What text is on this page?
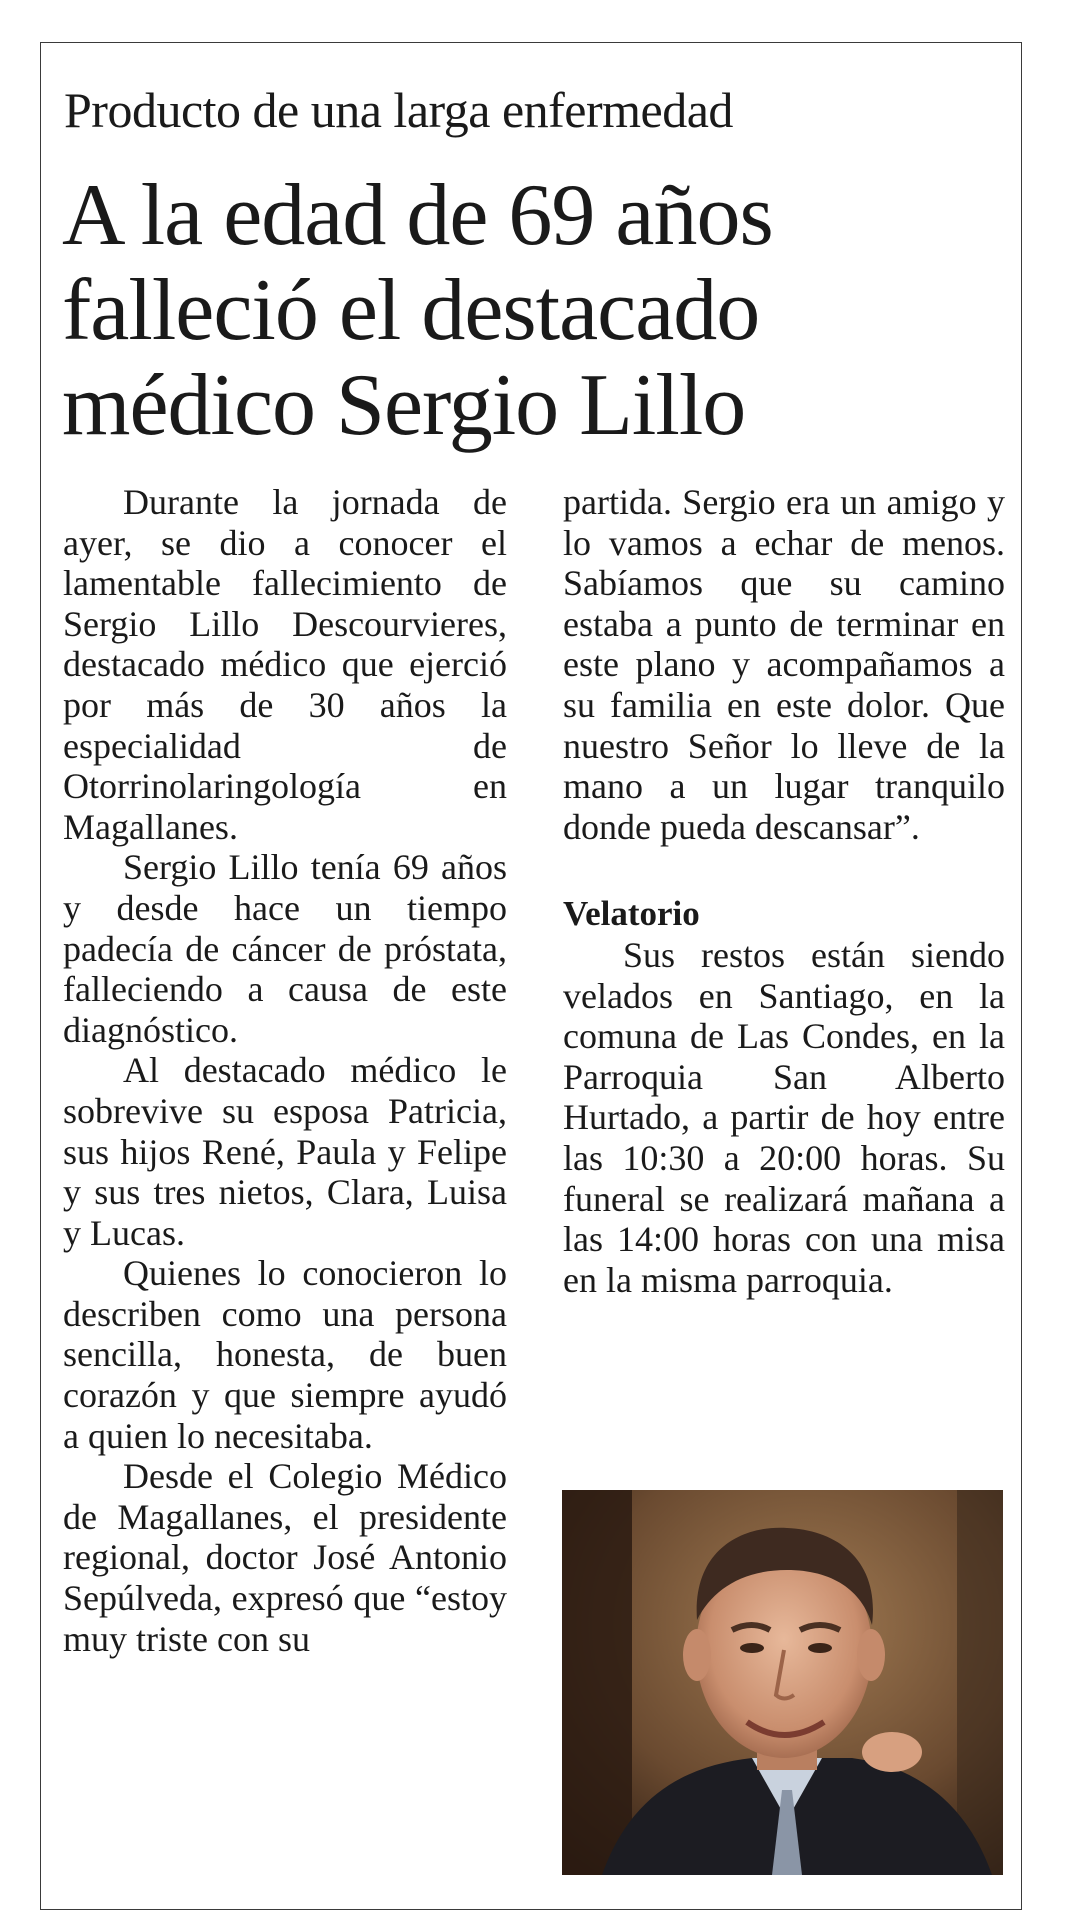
Producto de una larga enfermedad
A la edad de 69 años
falleció el destacado
médico Sergio Lillo

Durante la jornada de ayer, se dio a conocer el lamentable fallecimiento de Sergio Lillo Descourvieres, destacado médico que ejerció por más de 30 años la especialidad de Otorrinolaringología en Magallanes.

Sergio Lillo tenía 69 años y desde hace un tiempo padecía de cáncer de próstata, falleciendo a causa de este diagnóstico.

Al destacado médico le sobrevive su esposa Patricia, sus hijos René, Paula y Felipe y sus tres nietos, Clara, Luisa y Lucas.

Quienes lo conocieron lo describen como una persona sencilla, honesta, de buen corazón y que siempre ayudó a quien lo necesitaba.

Desde el Colegio Médico de Magallanes, el presidente regional, doctor José Antonio Sepúlveda, expresó que “estoy muy triste con su

partida. Sergio era un amigo y lo vamos a echar de menos. Sabíamos que su camino estaba a punto de terminar en este plano y acompañamos a su familia en este dolor. Que nuestro Señor lo lleve de la mano a un lugar tranquilo donde pueda descansar”.

Velatorio

Sus restos están siendo velados en Santiago, en la comuna de Las Condes, en la Parroquia San Alberto Hurtado, a partir de hoy entre las 10:30 a 20:00 horas. Su funeral se realizará mañana a las 14:00 horas con una misa en la misma parroquia.
